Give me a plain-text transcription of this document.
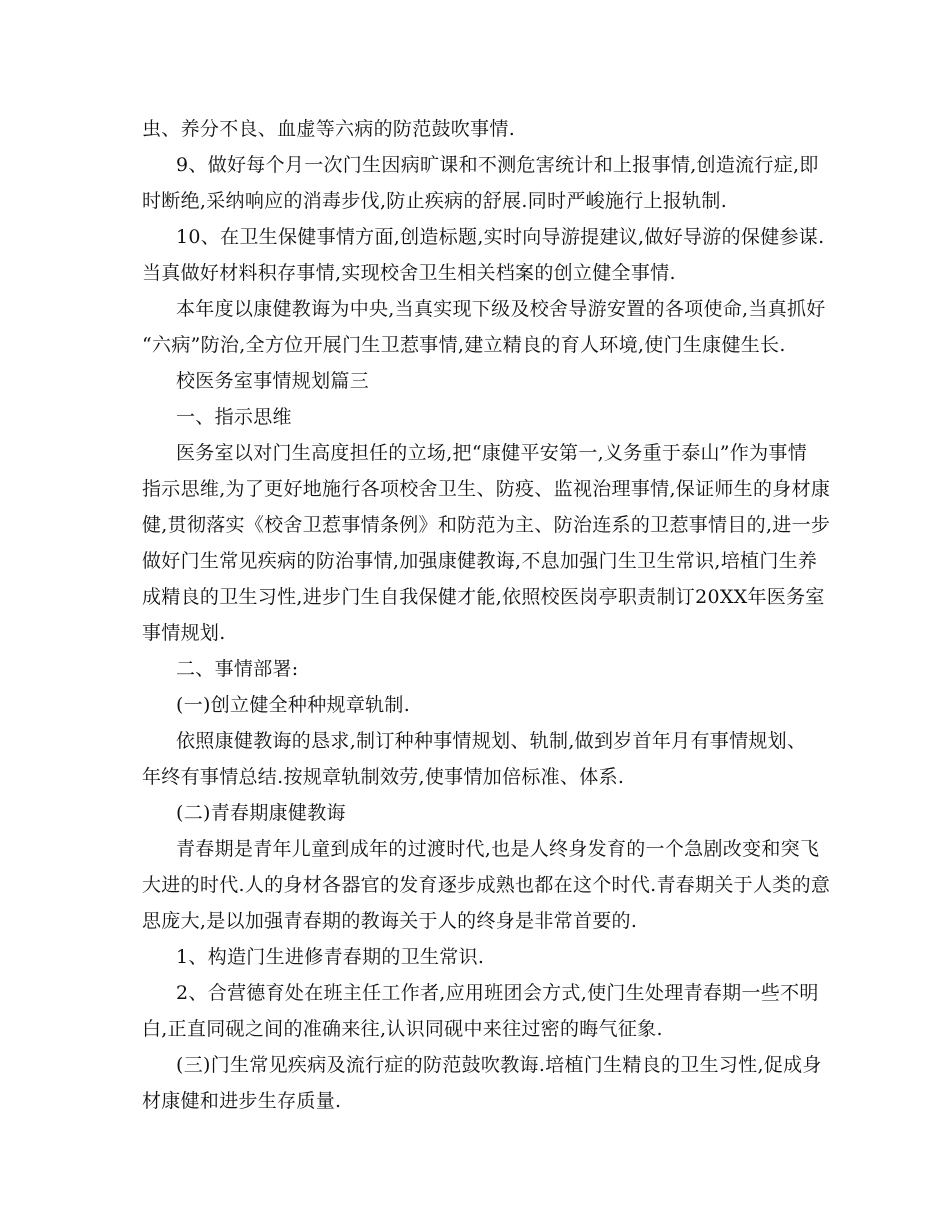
虫、养分不良、血虚等六病的防范鼓吹事情.
9、做好每个月一次门生因病旷课和不测危害统计和上报事情,创造流行症,即
时断绝,采纳响应的消毒步伐,防止疾病的舒展.同时严峻施行上报轨制.
10、在卫生保健事情方面,创造标题,实时向导游提建议,做好导游的保健参谋.
当真做好材料积存事情,实现校舍卫生相关档案的创立健全事情.
本年度以康健教诲为中央,当真实现下级及校舍导游安置的各项使命,当真抓好
“六病”防治,全方位开展门生卫惹事情,建立精良的育人环境,使门生康健生长.
校医务室事情规划篇三
一、指示思维
医务室以对门生高度担任的立场,把“康健平安第一,义务重于泰山”作为事情
指示思维,为了更好地施行各项校舍卫生、防疫、监视治理事情,保证师生的身材康
健,贯彻落实《校舍卫惹事情条例》和防范为主、防治连系的卫惹事情目的,进一步
做好门生常见疾病的防治事情,加强康健教诲,不息加强门生卫生常识,培植门生养
成精良的卫生习性,进步门生自我保健才能,依照校医岗亭职责制订20XX年医务室
事情规划.
二、事情部署:
(一)创立健全种种规章轨制.
依照康健教诲的恳求,制订种种事情规划、轨制,做到岁首年月有事情规划、
年终有事情总结.按规章轨制效劳,使事情加倍标准、体系.
(二)青春期康健教诲
青春期是青年儿童到成年的过渡时代,也是人终身发育的一个急剧改变和突飞
大进的时代.人的身材各器官的发育逐步成熟也都在这个时代.青春期关于人类的意
思庞大,是以加强青春期的教诲关于人的终身是非常首要的.
1、构造门生进修青春期的卫生常识.
2、合营德育处在班主任工作者,应用班团会方式,使门生处理青春期一些不明
白,正直同砚之间的准确来往,认识同砚中来往过密的晦气征象.
(三)门生常见疾病及流行症的防范鼓吹教诲.培植门生精良的卫生习性,促成身
材康健和进步生存质量.
